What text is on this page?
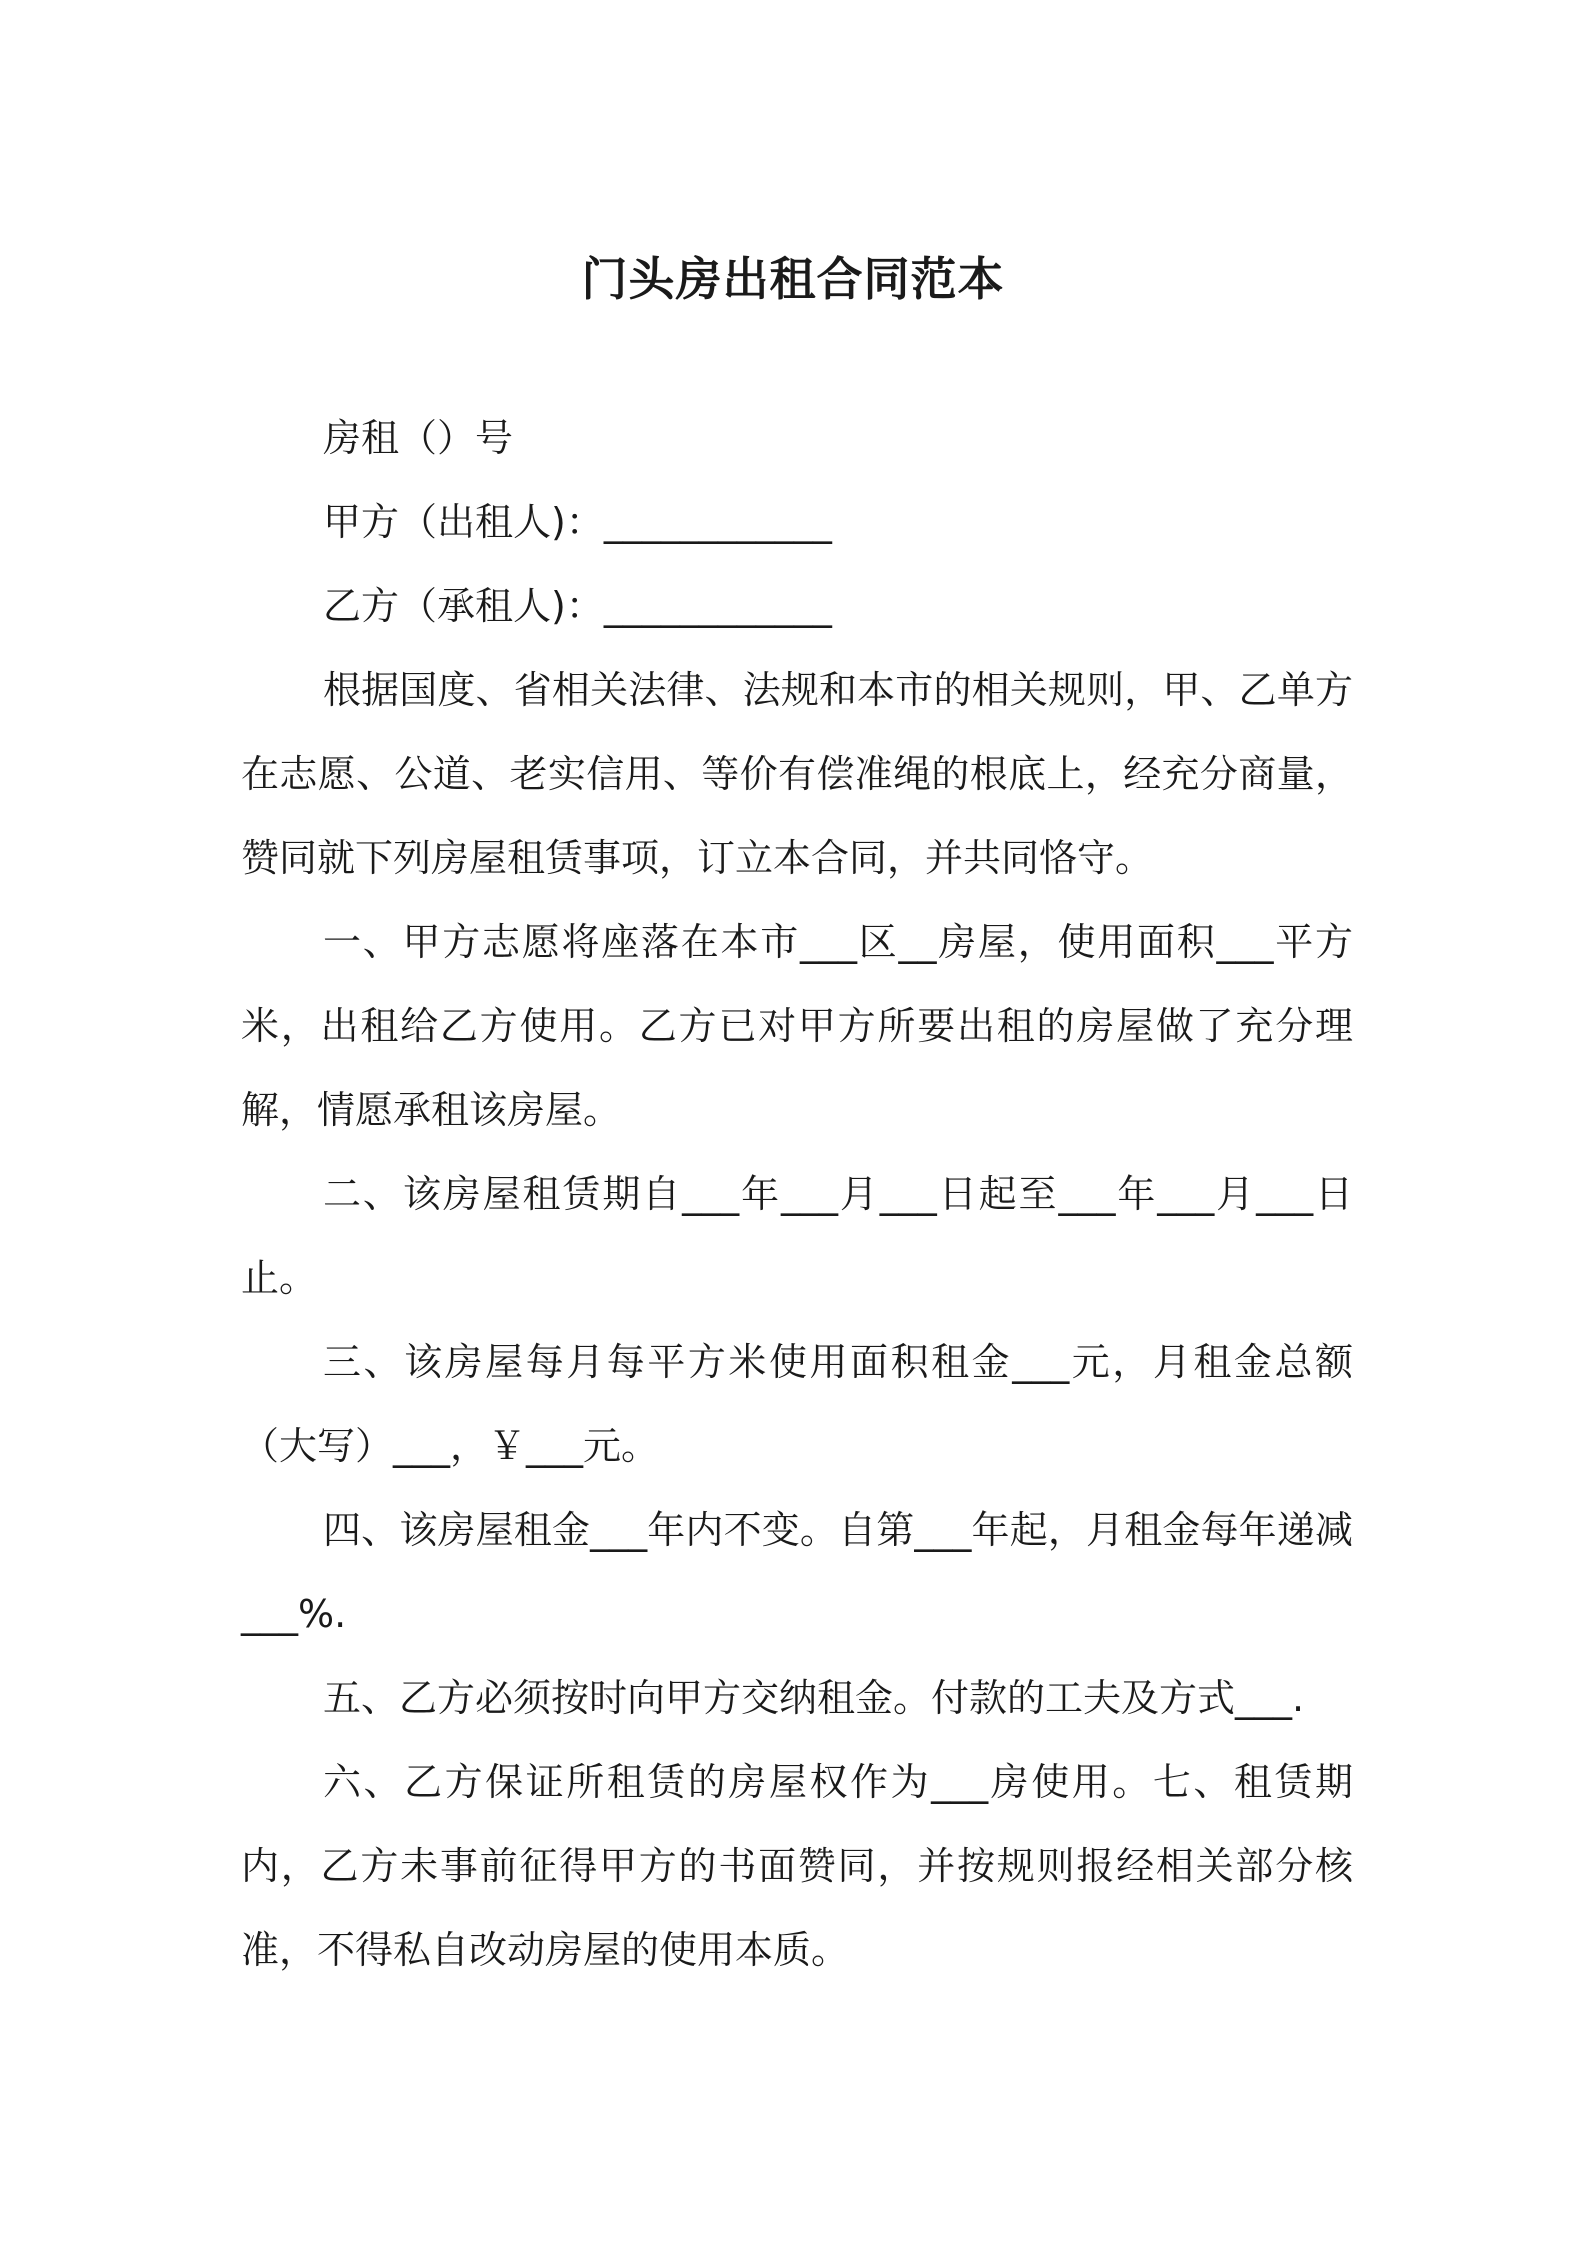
门头房出租合同范本

房租（）号

甲方（出租人)：____________

乙方（承租人)：____________

根据国度、省相关法律、法规和本市的相关规则，甲、乙单方在志愿、公道、老实信用、等价有偿准绳的根底上，经充分商量，赞同就下列房屋租赁事项，订立本合同，并共同恪守。

一、甲方志愿将座落在本市___区__房屋，使用面积___平方米，出租给乙方使用。乙方已对甲方所要出租的房屋做了充分理解，情愿承租该房屋。

二、该房屋租赁期自___年___月___日起至___年___月___日止。

三、该房屋每月每平方米使用面积租金___元，月租金总额（大写）___，￥___元。

四、该房屋租金___年内不变。自第___年起，月租金每年递减___%.

五、乙方必须按时向甲方交纳租金。付款的工夫及方式___.

六、乙方保证所租赁的房屋权作为___房使用。七、租赁期内，乙方未事前征得甲方的书面赞同，并按规则报经相关部分核准，不得私自改动房屋的使用本质。
